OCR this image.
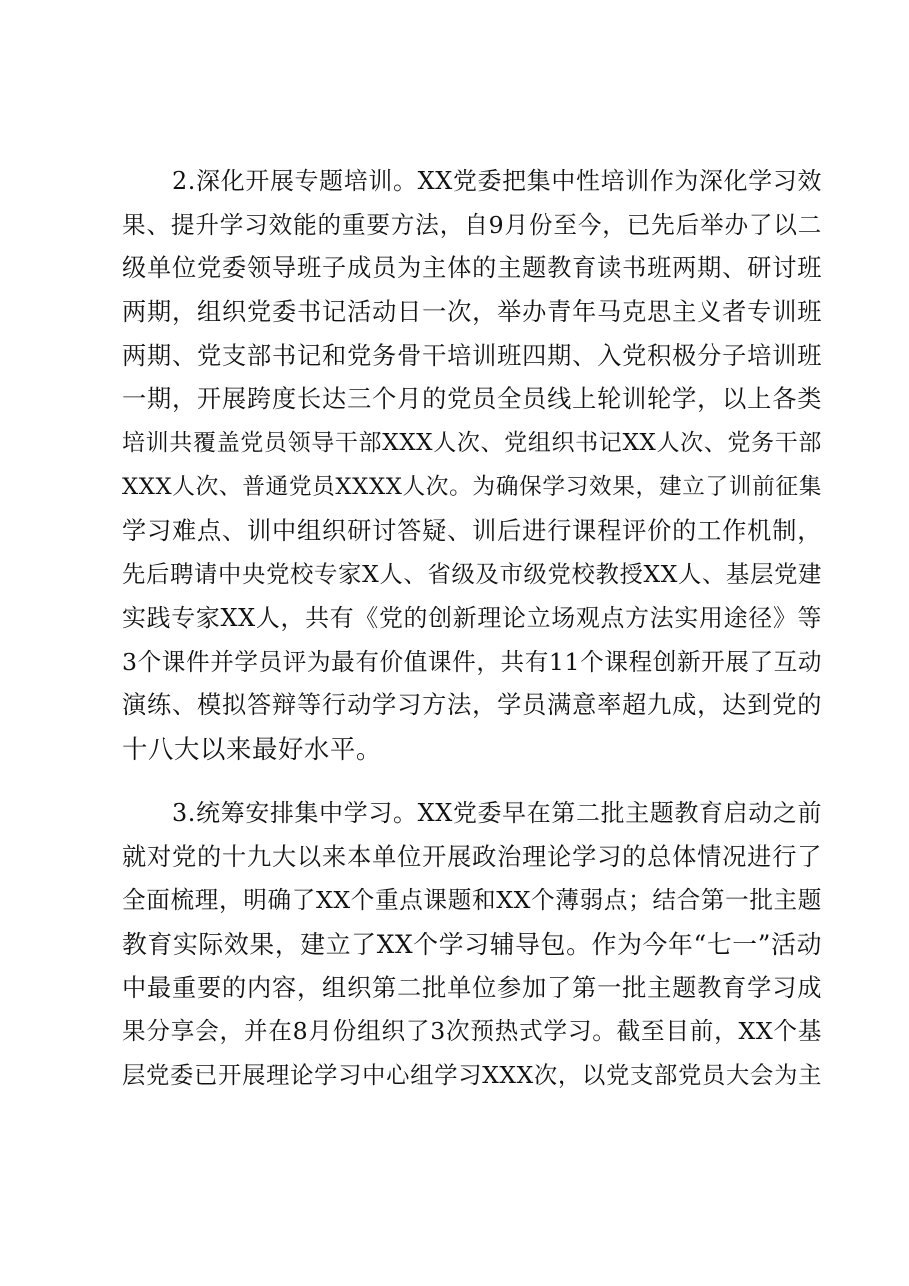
2.深化开展专题培训。XX党委把集中性培训作为深化学习效
果、提升学习效能的重要方法，自9月份至今，已先后举办了以二
级单位党委领导班子成员为主体的主题教育读书班两期、研讨班
两期，组织党委书记活动日一次，举办青年马克思主义者专训班
两期、党支部书记和党务骨干培训班四期、入党积极分子培训班
一期，开展跨度长达三个月的党员全员线上轮训轮学，以上各类
培训共覆盖党员领导干部XXX人次、党组织书记XX人次、党务干部
XXX人次、普通党员XXXX人次。为确保学习效果，建立了训前征集
学习难点、训中组织研讨答疑、训后进行课程评价的工作机制，
先后聘请中央党校专家X人、省级及市级党校教授XX人、基层党建
实践专家XX人，共有《党的创新理论立场观点方法实用途径》等
3个课件并学员评为最有价值课件，共有11个课程创新开展了互动
演练、模拟答辩等行动学习方法，学员满意率超九成，达到党的
十八大以来最好水平。
3.统筹安排集中学习。XX党委早在第二批主题教育启动之前
就对党的十九大以来本单位开展政治理论学习的总体情况进行了
全面梳理，明确了XX个重点课题和XX个薄弱点；结合第一批主题
教育实际效果，建立了XX个学习辅导包。作为今年“七一”活动
中最重要的内容，组织第二批单位参加了第一批主题教育学习成
果分享会，并在8月份组织了3次预热式学习。截至目前，XX个基
层党委已开展理论学习中心组学习XXX次，以党支部党员大会为主
